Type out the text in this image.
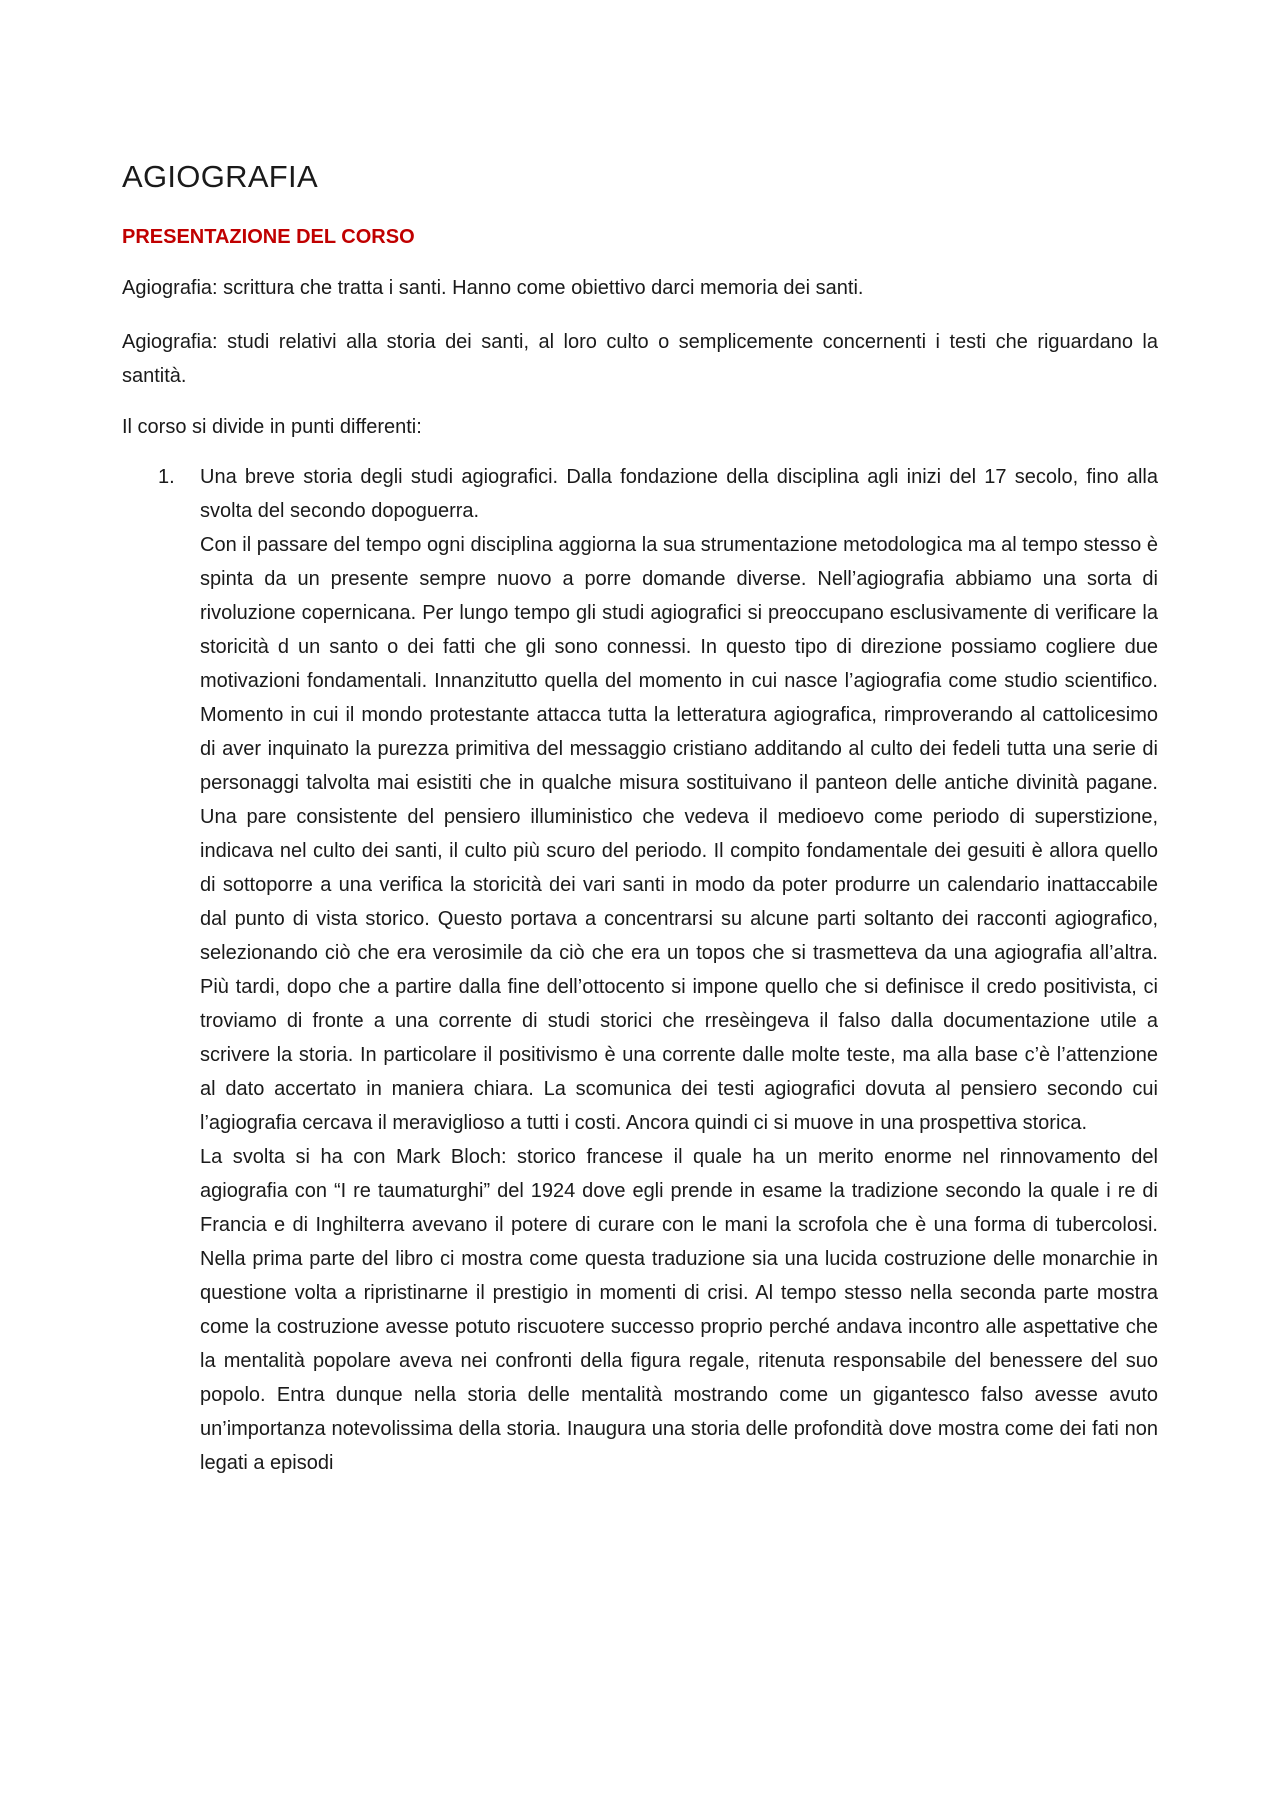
AGIOGRAFIA
PRESENTAZIONE DEL CORSO

Agiografia: scrittura che tratta i santi. Hanno come obiettivo darci memoria dei santi.

Agiografia: studi relativi alla storia dei santi, al loro culto o semplicemente concernenti i testi che riguardano la santità.

Il corso si divide in punti differenti:

1. Una breve storia degli studi agiografici. Dalla fondazione della disciplina agli inizi del 17 secolo, fino alla svolta del secondo dopoguerra.

Con il passare del tempo ogni disciplina aggiorna la sua strumentazione metodologica ma al tempo stesso è spinta da un presente sempre nuovo a porre domande diverse. Nell’agiografia abbiamo una sorta di rivoluzione copernicana. Per lungo tempo gli studi agiografici si preoccupano esclusivamente di verificare la storicità d un santo o dei fatti che gli sono connessi. In questo tipo di direzione possiamo cogliere due motivazioni fondamentali. Innanzitutto quella del momento in cui nasce l’agiografia come studio scientifico. Momento in cui il mondo protestante attacca tutta la letteratura agiografica, rimproverando al cattolicesimo di aver inquinato la purezza primitiva del messaggio cristiano additando al culto dei fedeli tutta una serie di personaggi talvolta mai esistiti che in qualche misura sostituivano il panteon delle antiche divinità pagane. Una pare consistente del pensiero illuministico che vedeva il medioevo come periodo di superstizione, indicava nel culto dei santi, il culto più scuro del periodo. Il compito fondamentale dei gesuiti è allora quello di sottoporre a una verifica la storicità dei vari santi in modo da poter produrre un calendario inattaccabile dal punto di vista storico. Questo portava a concentrarsi su alcune parti soltanto dei racconti agiografico, selezionando ciò che era verosimile da ciò che era un topos che si trasmetteva da una agiografia all’altra. Più tardi, dopo che a partire dalla fine dell’ottocento si impone quello che si definisce il credo positivista, ci troviamo di fronte a una corrente di studi storici che rresèingeva il falso dalla documentazione utile a scrivere la storia. In particolare il positivismo è una corrente dalle molte teste, ma alla base c’è l’attenzione al dato accertato in maniera chiara. La scomunica dei testi agiografici dovuta al pensiero secondo cui l’agiografia cercava il meraviglioso a tutti i costi. Ancora quindi ci si muove in una prospettiva storica.

La svolta si ha con Mark Bloch: storico francese il quale ha un merito enorme nel rinnovamento del agiografia con “I re taumaturghi” del 1924 dove egli prende in esame la tradizione secondo la quale i re di Francia e di Inghilterra avevano il potere di curare con le mani la scrofola che è una forma di tubercolosi. Nella prima parte del libro ci mostra come questa traduzione sia una lucida costruzione delle monarchie in questione volta a ripristinarne il prestigio in momenti di crisi. Al tempo stesso nella seconda parte mostra come la costruzione avesse potuto riscuotere successo proprio perché andava incontro alle aspettative che la mentalità popolare aveva nei confronti della figura regale, ritenuta responsabile del benessere del suo popolo. Entra dunque nella storia delle mentalità mostrando come un gigantesco falso avesse avuto un’importanza notevolissima della storia. Inaugura una storia delle profondità dove mostra come dei fati non legati a episodi
